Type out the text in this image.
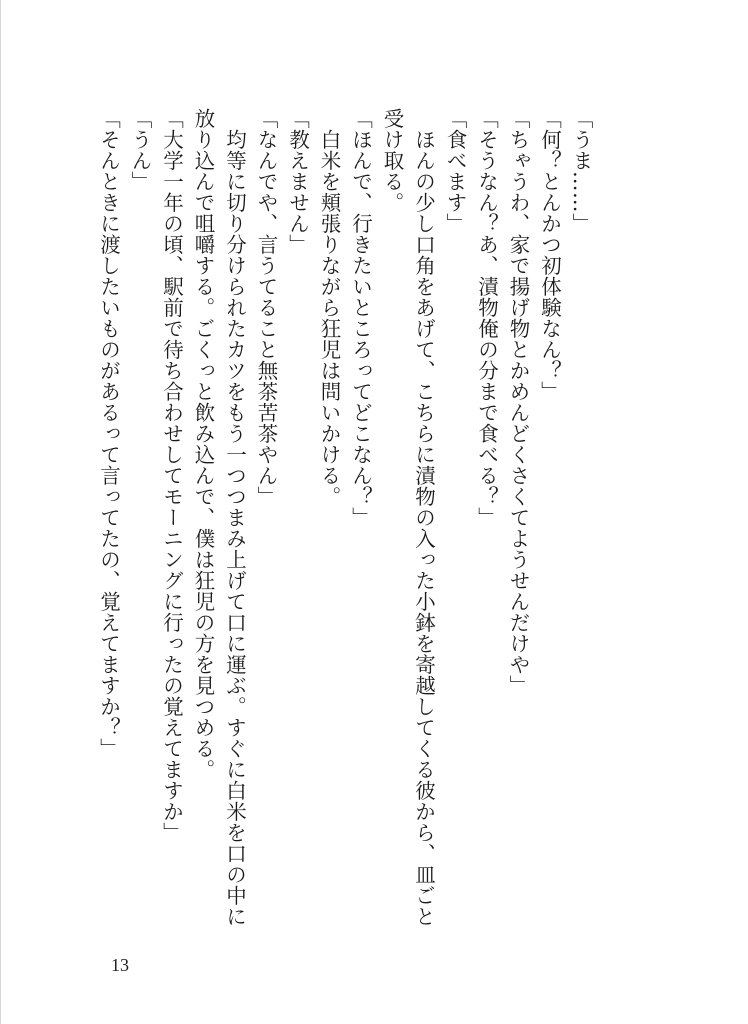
「うま……」

「何？とんかつ初体験なん？」

「ちゃうわ、家で揚げ物とかめんどくさくてようせんだけや」

「そうなん？あ、漬物俺の分まで食べる？」

「食べます」

　ほんの少し口角をあげて、こちらに漬物の入った小鉢を寄越してくる彼から、皿ごと受け取る。

「ほんで、行きたいところってどこなん？」

　白米を頬張りながら狂児は問いかける。

「教えません」

「なんでや、言うてること無茶苦茶やん」

　均等に切り分けられたカツをもう一つつまみ上げて口に運ぶ。すぐに白米を口の中に放り込んで咀嚼する。ごくっと飲み込んで、僕は狂児の方を見つめる。

「大学一年の頃、駅前で待ち合わせしてモーニングに行ったの覚えてますか」

「うん」

「そんときに渡したいものがあるって言ってたの、覚えてますか？」

13
